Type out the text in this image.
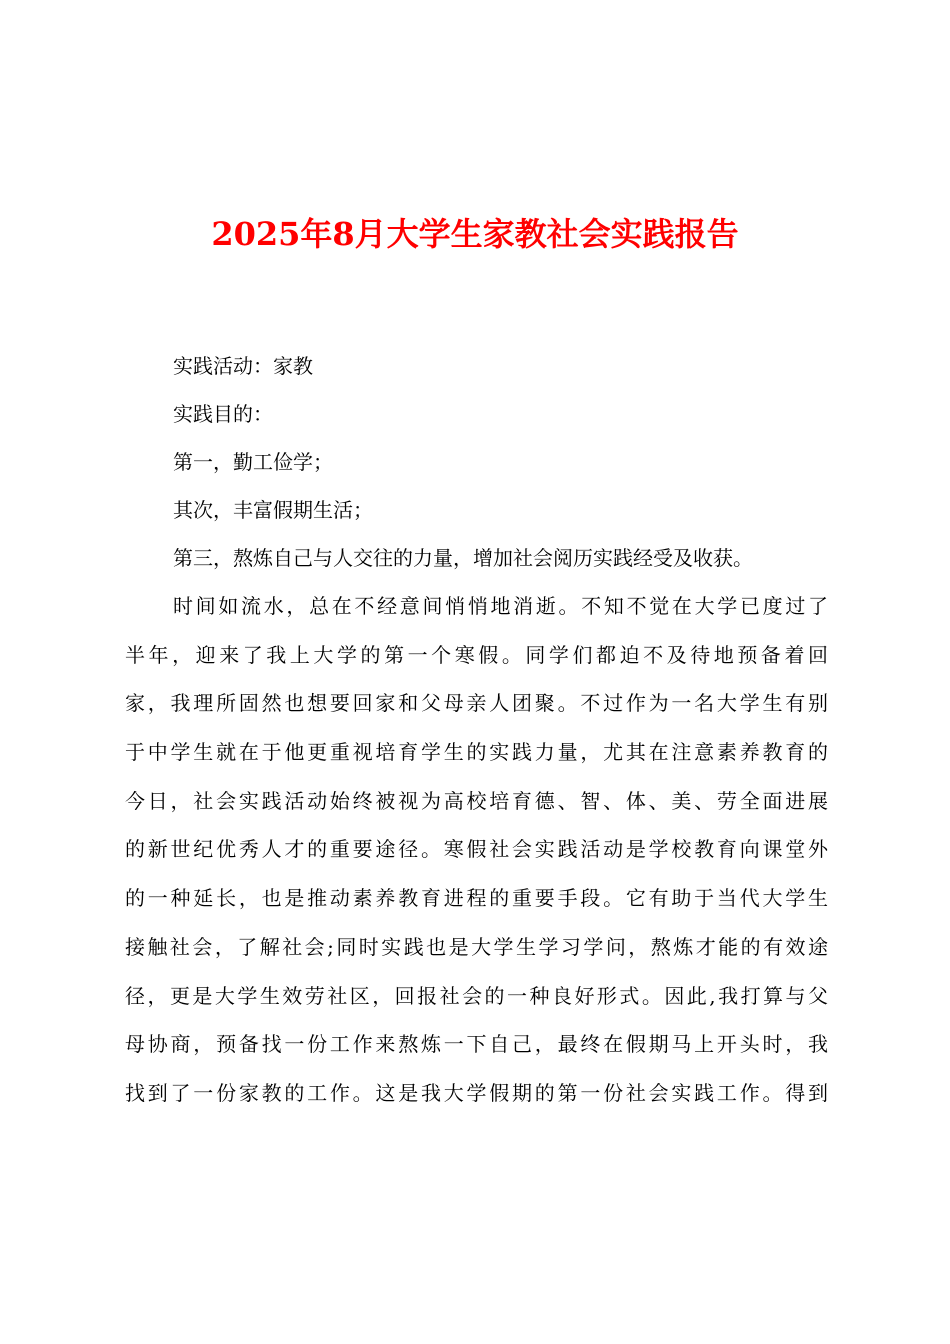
2025年8月大学生家教社会实践报告

实践活动：家教

实践目的：

第一，勤工俭学；

其次，丰富假期生活；

第三，熬炼自己与人交往的力量，增加社会阅历实践经受及收获。

时间如流水，总在不经意间悄悄地消逝。不知不觉在大学已度过了
半年，迎来了我上大学的第一个寒假。同学们都迫不及待地预备着回
家，我理所固然也想要回家和父母亲人团聚。不过作为一名大学生有别
于中学生就在于他更重视培育学生的实践力量，尤其在注意素养教育的
今日，社会实践活动始终被视为高校培育德、智、体、美、劳全面进展
的新世纪优秀人才的重要途径。寒假社会实践活动是学校教育向课堂外
的一种延长，也是推动素养教育进程的重要手段。它有助于当代大学生
接触社会，了解社会;同时实践也是大学生学习学问，熬炼才能的有效途
径，更是大学生效劳社区，回报社会的一种良好形式。因此,我打算与父
母协商，预备找一份工作来熬炼一下自己，最终在假期马上开头时，我
找到了一份家教的工作。这是我大学假期的第一份社会实践工作。得到
